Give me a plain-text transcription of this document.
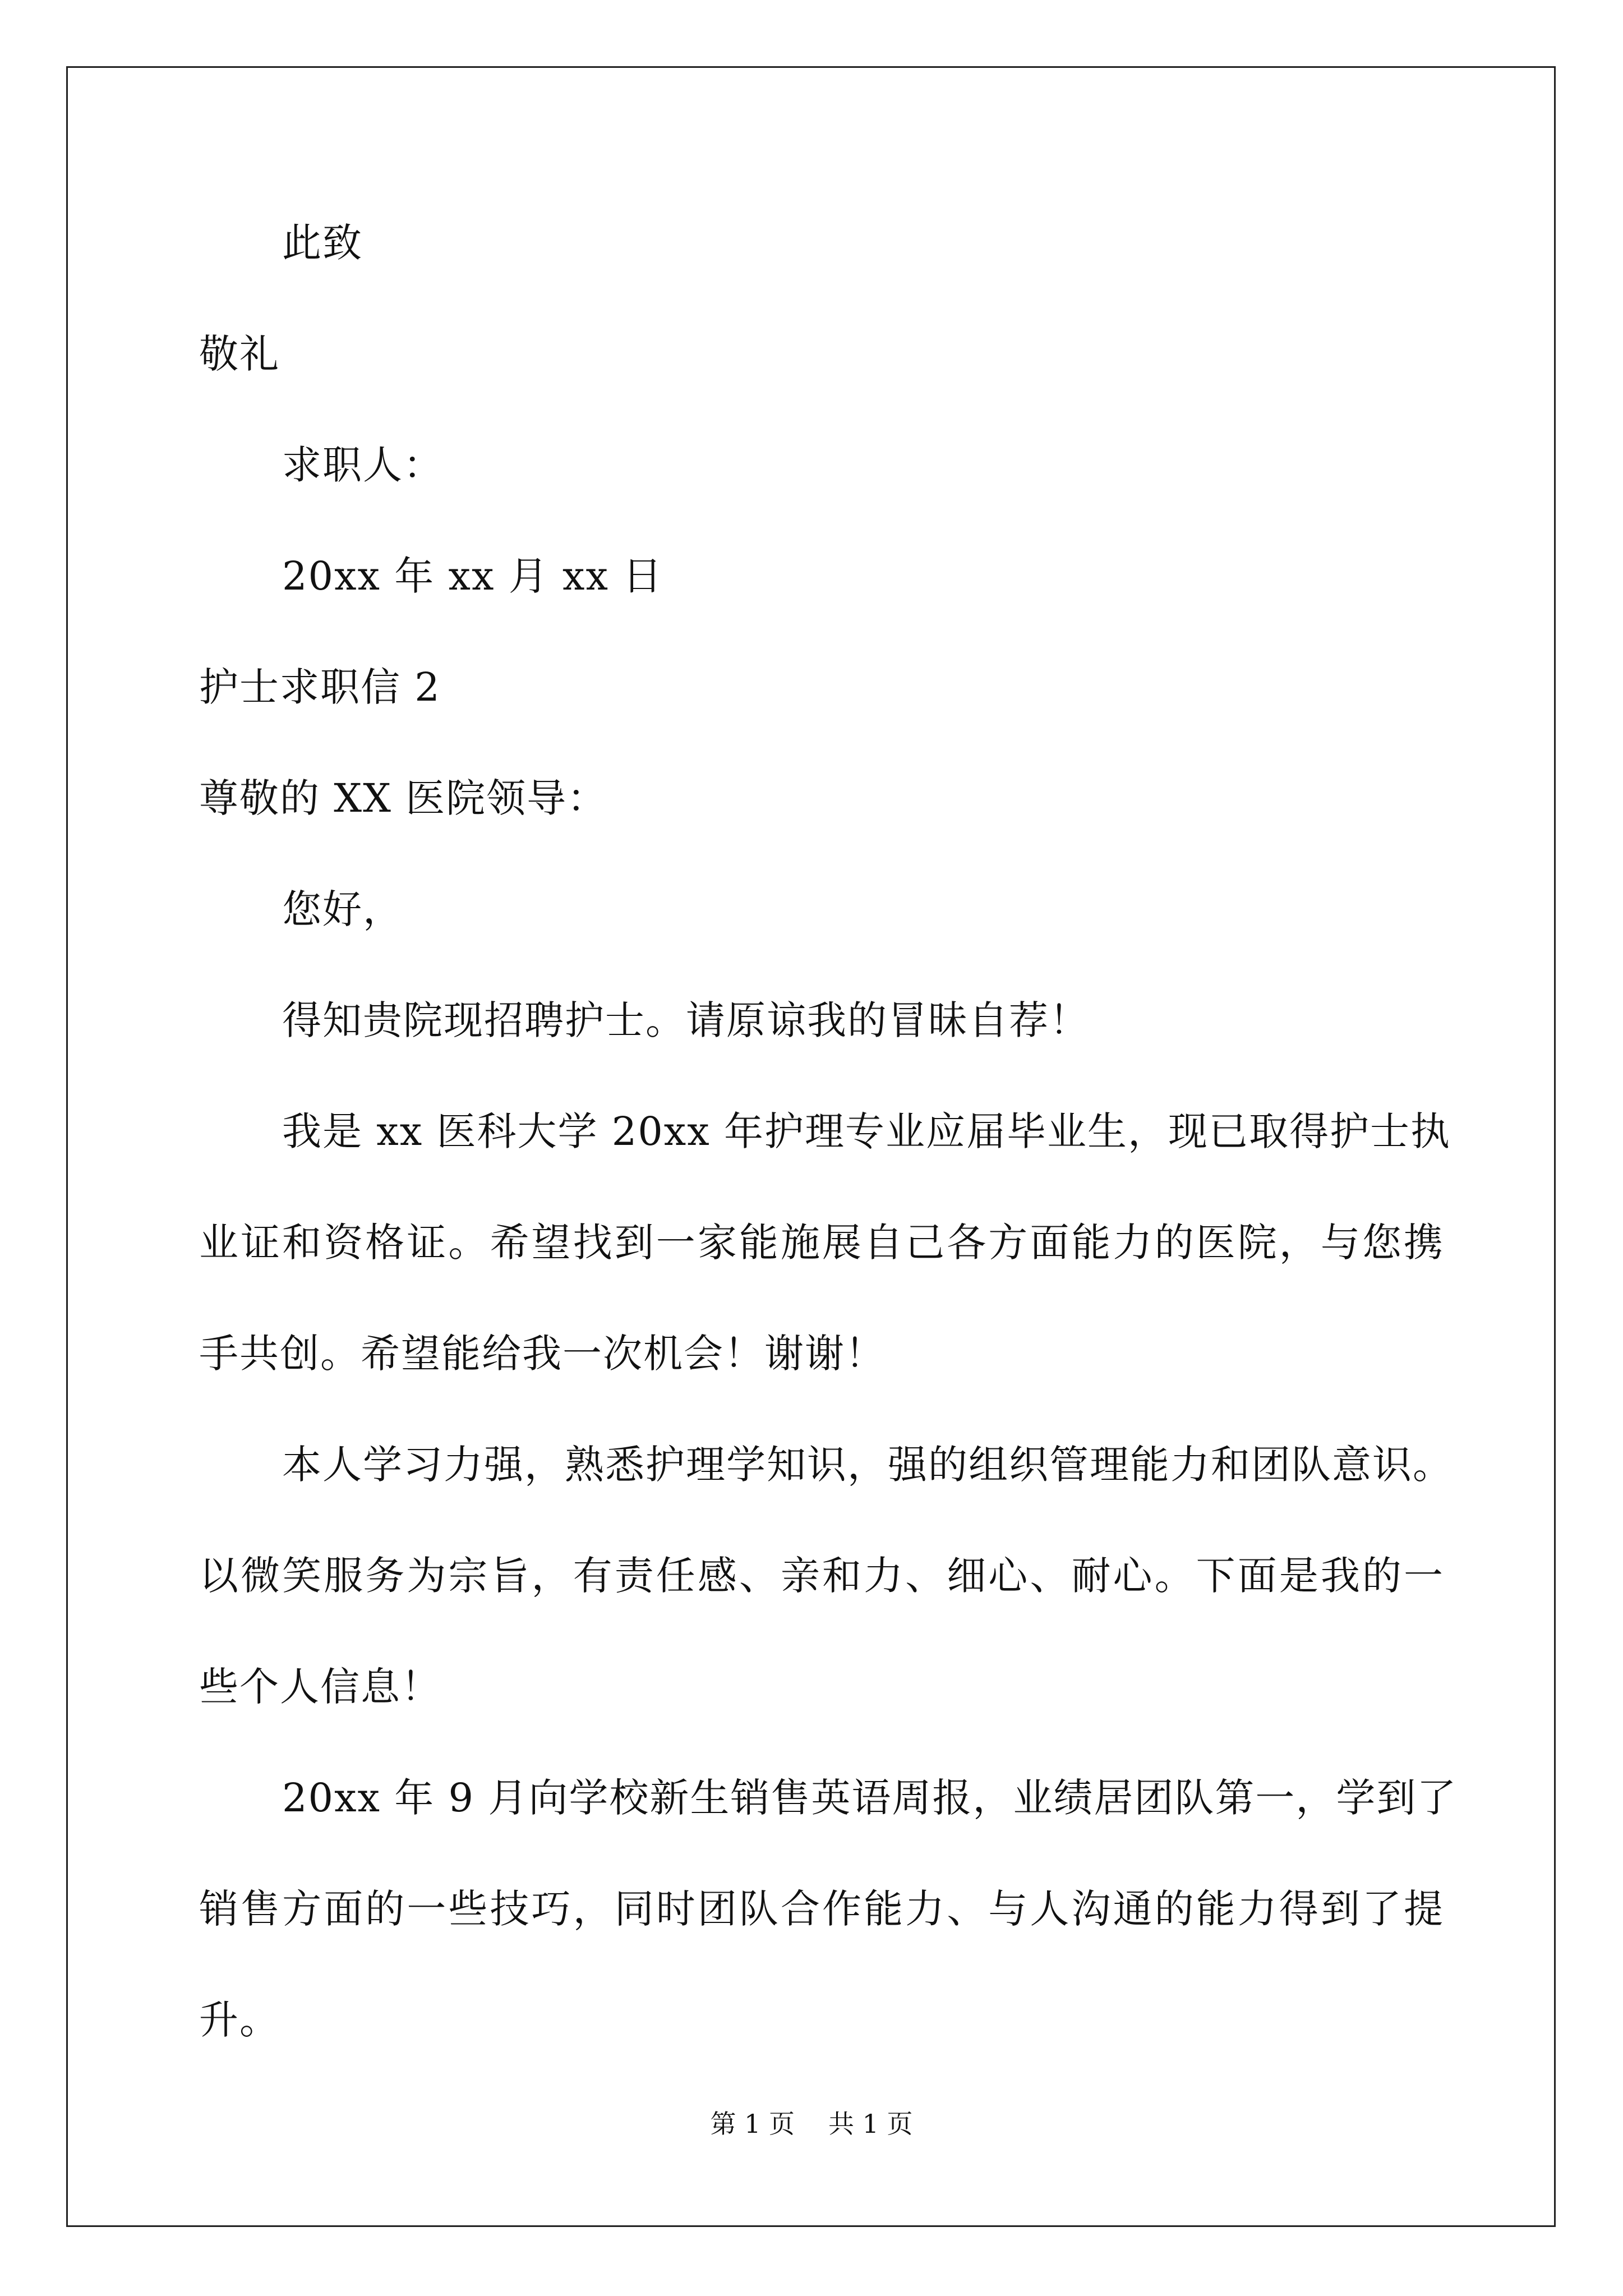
此致
敬礼
求职人：
20xx 年 xx 月 xx 日
护士求职信 2
尊敬的 XX 医院领导：
您好，
得知贵院现招聘护士。请原谅我的冒昧自荐！
我是 xx 医科大学 20xx 年护理专业应届毕业生，现已取得护士执
业证和资格证。希望找到一家能施展自己各方面能力的医院，与您携
手共创。希望能给我一次机会！谢谢！
本人学习力强，熟悉护理学知识，强的组织管理能力和团队意识。
以微笑服务为宗旨，有责任感、亲和力、细心、耐心。下面是我的一
些个人信息！
20xx 年 9 月向学校新生销售英语周报，业绩居团队第一，学到了
销售方面的一些技巧，同时团队合作能力、与人沟通的能力得到了提
升。
第 1 页 共 1 页
